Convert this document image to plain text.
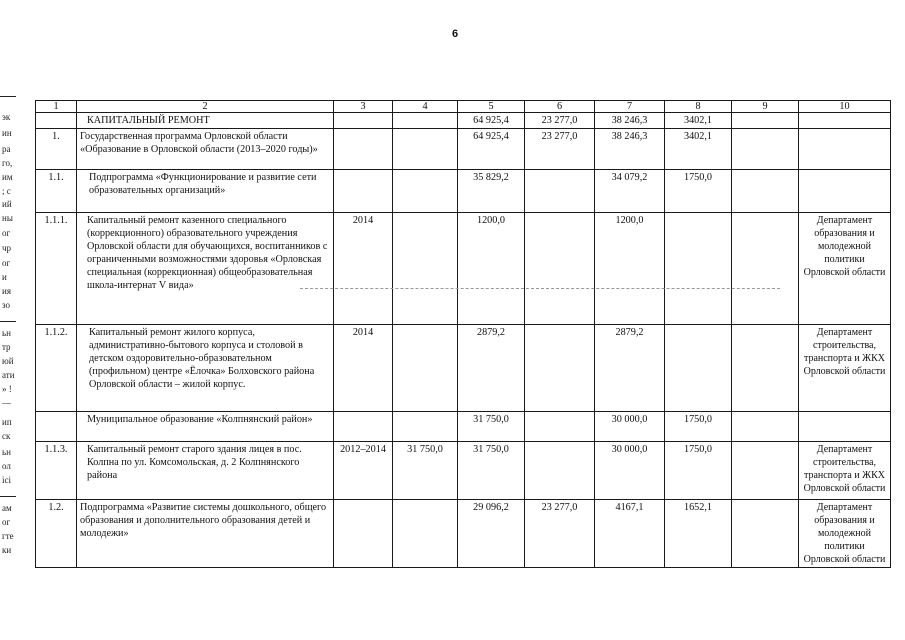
6
эк
ин
ра
го,
им
; с
ий
ны
ог
чр
ог
и
ия
зо
ьн
тр
юй
ати
» !
—
ип
ск
ьн
ол
ісі
ам
ог
гте
ки
1	2	3	4	5	6	7	8	9	10
	КАПИТАЛЬНЫЙ РЕМОНТ			64 925,4	23 277,0	38 246,3	3402,1		
1.	Государственная программа Орловской области «Образование в Орловской области (2013–2020 годы)»			64 925,4	23 277,0	38 246,3	3402,1		
1.1.	Подпрограмма «Функционирование и развитие сети образовательных организаций»			35 829,2		34 079,2	1750,0		
1.1.1.	Капитальный ремонт казенного специального (коррекционного) образовательного учреждения Орловской области для обучающихся, воспитанников с ограниченными возможностями здоровья «Орловская специальная (коррекционная) общеобразовательная школа-интернат V вида»	2014		1200,0		1200,0			Департамент образования и молодежной политики Орловской области
1.1.2.	Капитальный ремонт жилого корпуса, административно-бытового корпуса и столовой в детском оздоровительно-образовательном (профильном) центре «Ёлочка» Болховского района Орловской области – жилой корпус.	2014		2879,2		2879,2			Департамент строительства, транспорта и ЖКХ Орловской области
	Муниципальное образование «Колпнянский район»			31 750,0		30 000,0	1750,0		
1.1.3.	Капитальный ремонт старого здания лицея в пос. Колпна по ул. Комсомольская, д. 2 Колпнянского района	2012–2014	31 750,0	31 750,0		30 000,0	1750,0		Департамент строительства, транспорта и ЖКХ Орловской области
1.2.	Подпрограмма «Развитие системы дошкольного, общего образования и дополнительного образования детей и молодежи»			29 096,2	23 277,0	4167,1	1652,1		Департамент образования и молодежной политики Орловской области
